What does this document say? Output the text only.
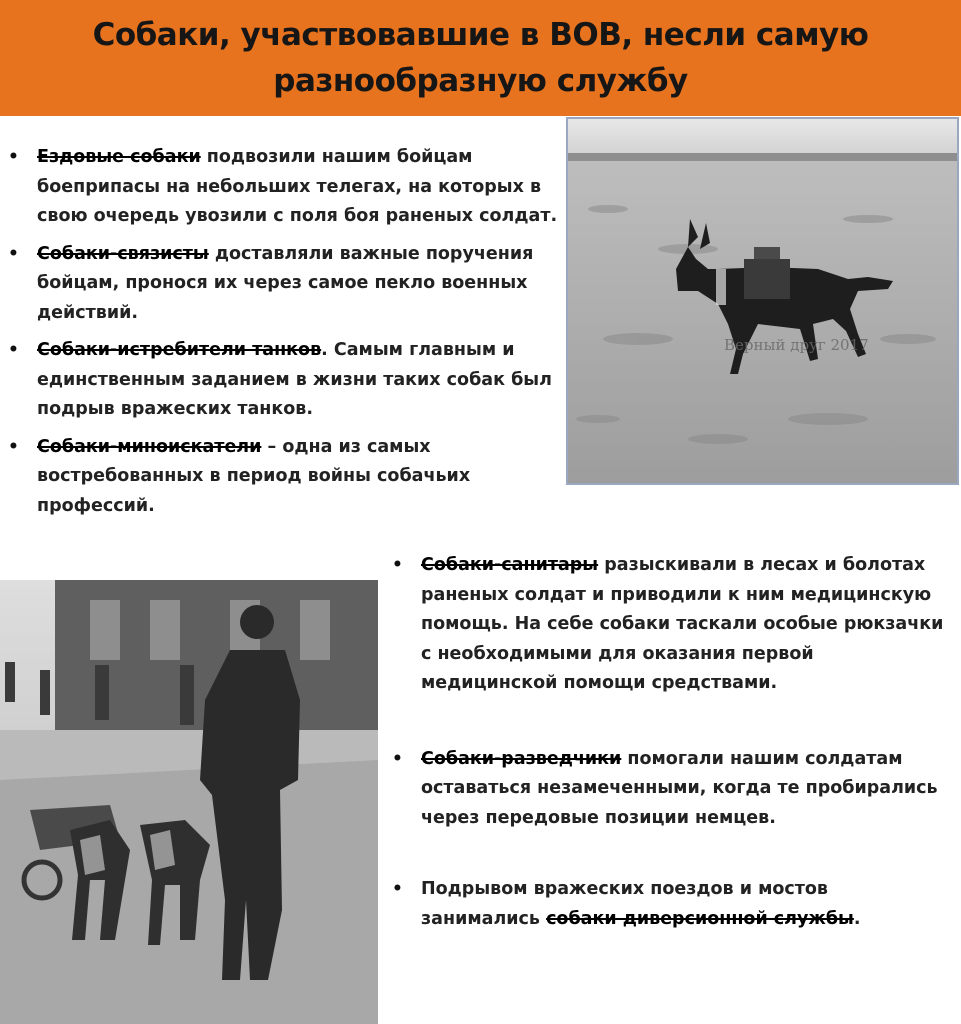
Собаки, участвовавшие в ВОВ, несли самую
разнообразную службу
• Ездовые собаки подвозили нашим бойцам боеприпасы на небольших телегах, на которых в свою очередь увозили с поля боя раненых солдат.
• Собаки-связисты доставляли важные поручения бойцам, пронося их через самое пекло военных действий.
• Собаки-истребители танков. Самым главным и единственным заданием в жизни таких собак был подрыв вражеских танков.
• Собаки-миноискатели – одна из самых востребованных в период войны собачьих профессий.
Верный друг 2017
• Собаки-санитары разыскивали в лесах и болотах раненых солдат и приводили к ним медицинскую помощь. На себе собаки таскали особые рюкзачки с необходимыми для оказания первой медицинской помощи средствами.
• Собаки-разведчики помогали нашим солдатам оставаться незамеченными, когда те пробирались через передовые позиции немцев.
• Подрывом вражеских поездов и мостов занимались собаки диверсионной службы.
